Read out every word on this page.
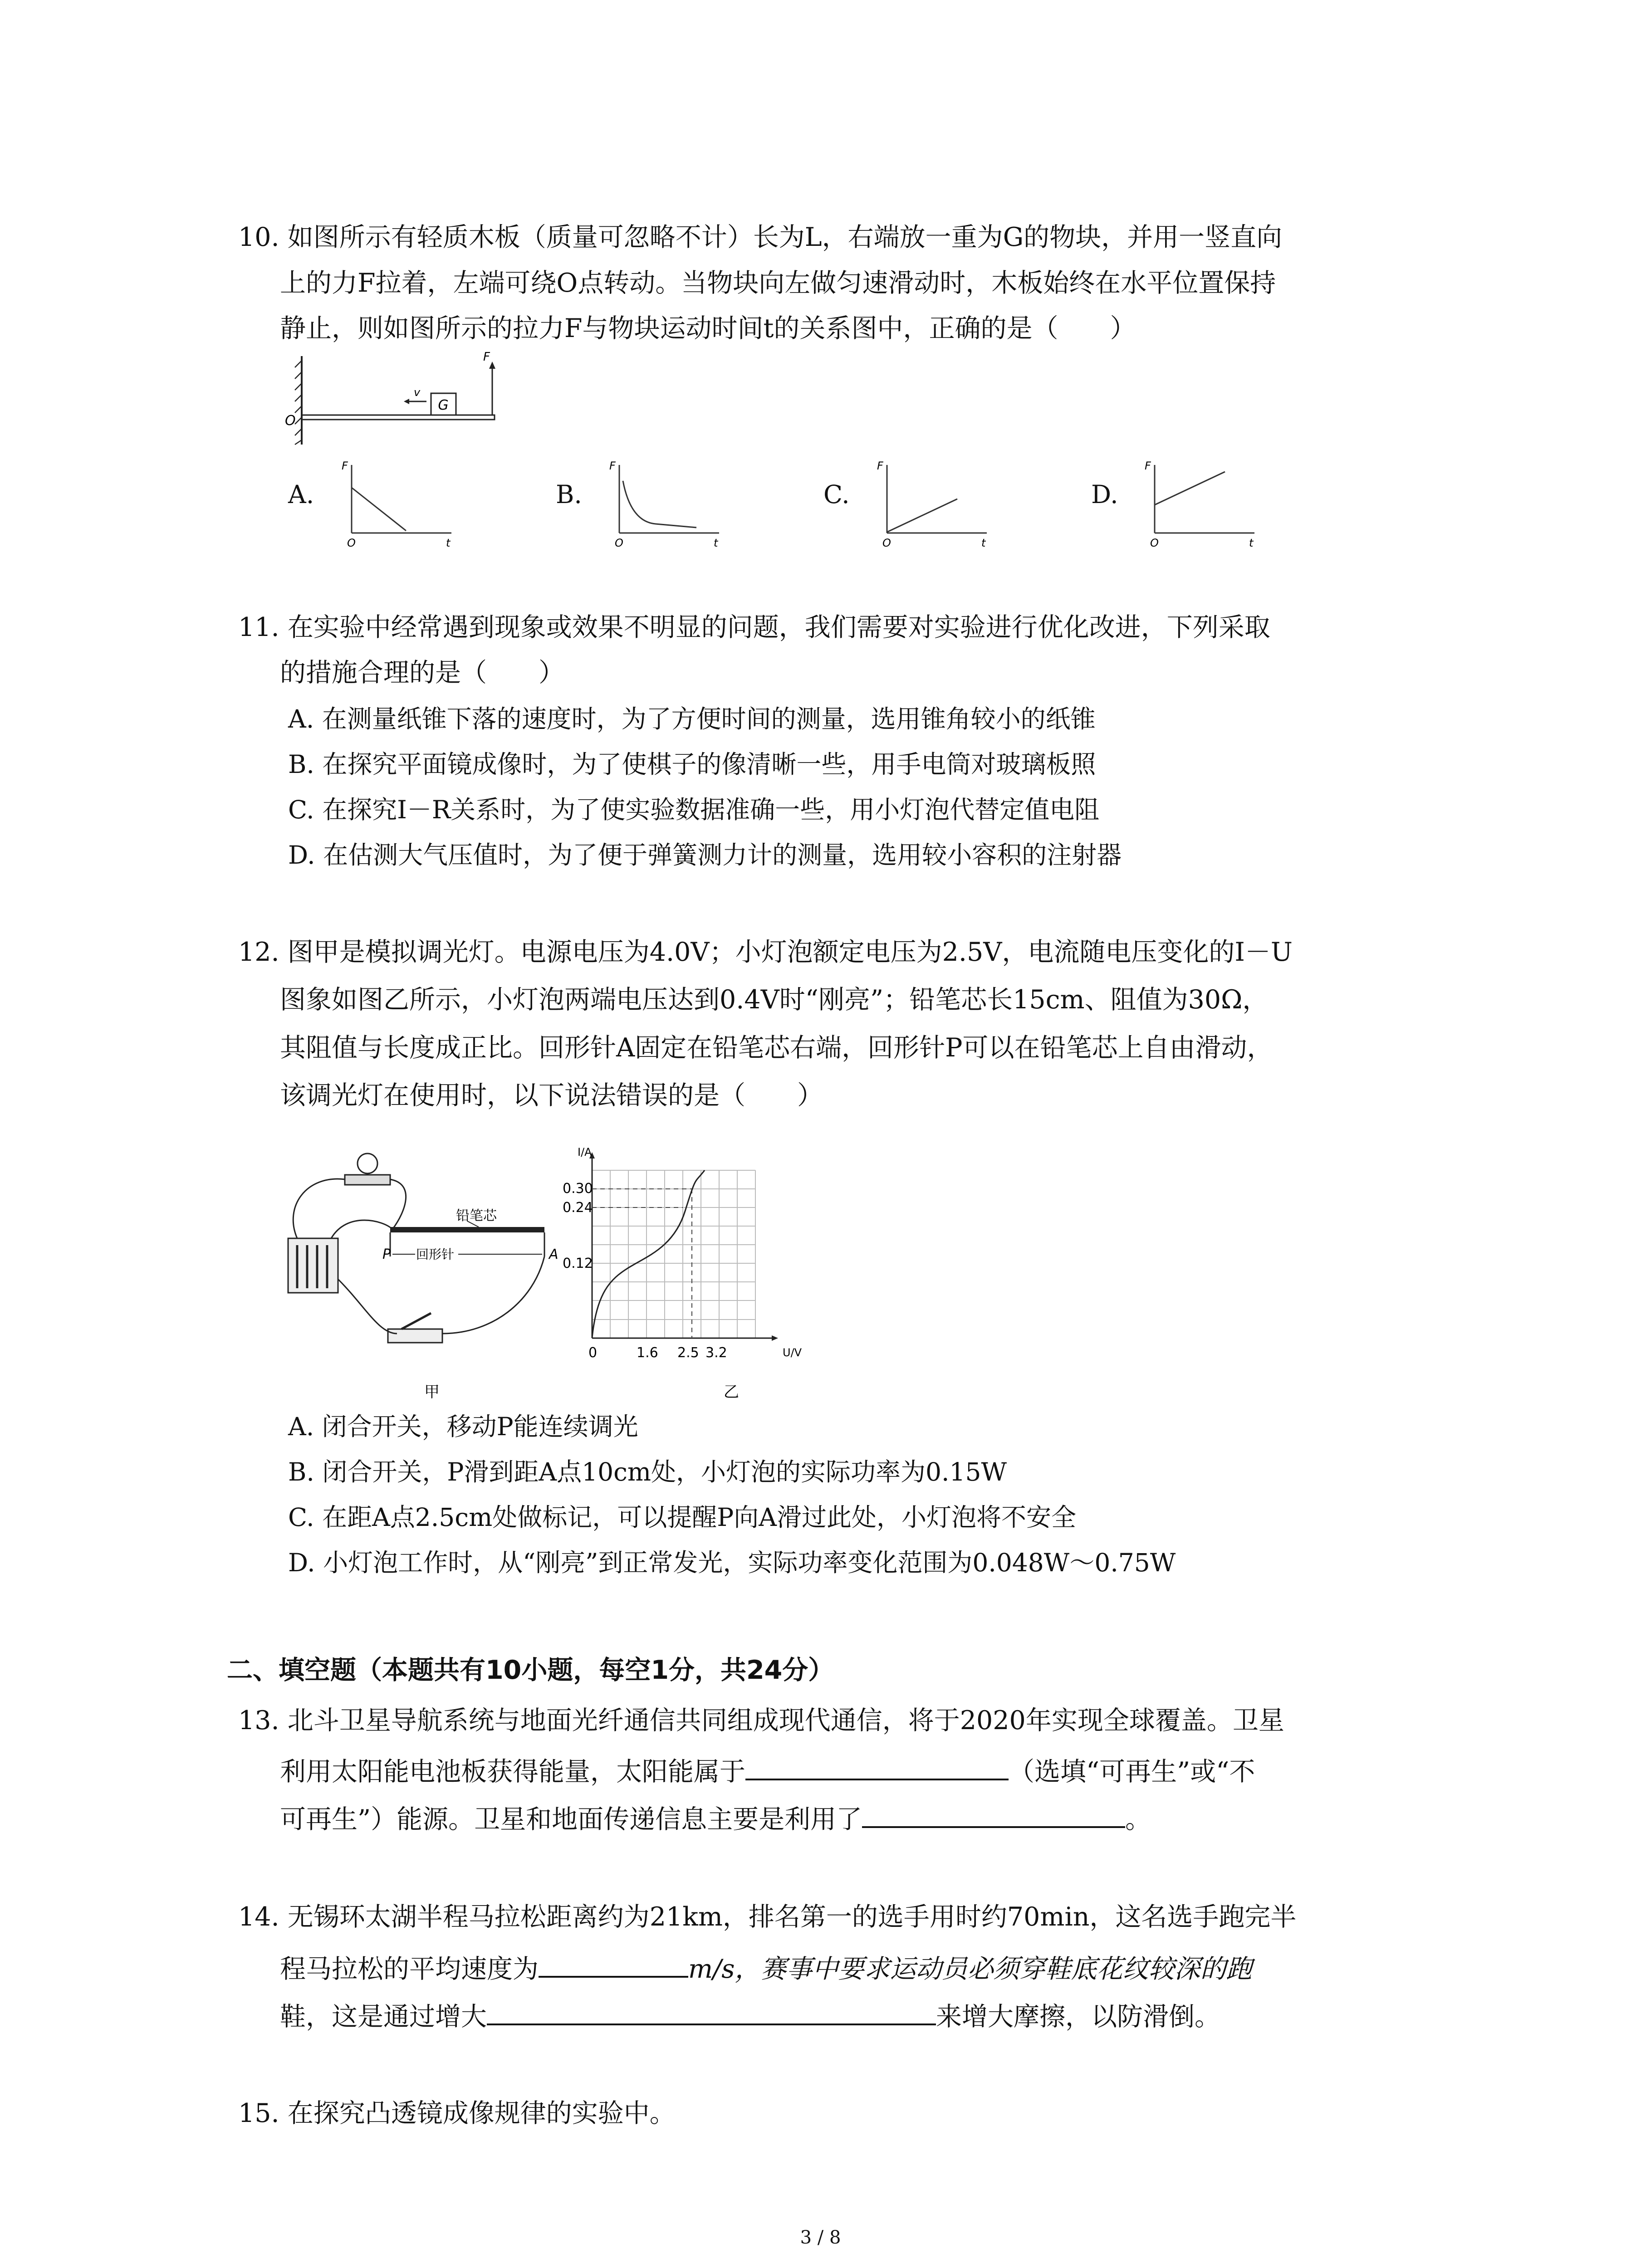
10. 如图所示有轻质木板（质量可忽略不计）长为L，右端放一重为G的物块，并用一竖直向
上的力F拉着，左端可绕O点转动。当物块向左做匀速滑动时，木板始终在水平位置保持
静止，则如图所示的拉力F与物块运动时间t的关系图中，正确的是（　　）
G
F
v
O
A.	B.	C.	D.
F
t
O
F
t
O
F
t
O
F
t
O
11. 在实验中经常遇到现象或效果不明显的问题，我们需要对实验进行优化改进，下列采取
的措施合理的是（　　）
A. 在测量纸锥下落的速度时，为了方便时间的测量，选用锥角较小的纸锥
B. 在探究平面镜成像时，为了使棋子的像清晰一些，用手电筒对玻璃板照
C. 在探究I－R关系时，为了使实验数据准确一些，用小灯泡代替定值电阻
D. 在估测大气压值时，为了便于弹簧测力计的测量，选用较小容积的注射器
12. 图甲是模拟调光灯。电源电压为4.0V；小灯泡额定电压为2.5V，电流随电压变化的I－U
图象如图乙所示，小灯泡两端电压达到0.4V时“刚亮”；铅笔芯长15cm、阻值为30Ω，
其阻值与长度成正比。回形针A固定在铅笔芯右端，回形针P可以在铅笔芯上自由滑动，
该调光灯在使用时，以下说法错误的是（　　）
铅笔芯
P	A
回形针
甲
I/A
U/V
0.30
0.24
0.12
0	1.6 2.5 3.2
乙
A. 闭合开关，移动P能连续调光
B. 闭合开关，P滑到距A点10cm处，小灯泡的实际功率为0.15W
C. 在距A点2.5cm处做标记，可以提醒P向A滑过此处，小灯泡将不安全
D. 小灯泡工作时，从“刚亮”到正常发光，实际功率变化范围为0.048W～0.75W
二、填空题（本题共有10小题，每空1分，共24分）
13. 北斗卫星导航系统与地面光纤通信共同组成现代通信，将于2020年实现全球覆盖。卫星
利用太阳能电池板获得能量，太阳能属于	（选填“可再生”或“不
可再生”）能源。卫星和地面传递信息主要是利用了	。
14. 无锡环太湖半程马拉松距离约为21km，排名第一的选手用时约70min，这名选手跑完半
程马拉松的平均速度为	m/s，赛事中要求运动员必须穿鞋底花纹较深的跑
鞋，这是通过增大	来增大摩擦，以防滑倒。
15. 在探究凸透镜成像规律的实验中。
3 / 8
